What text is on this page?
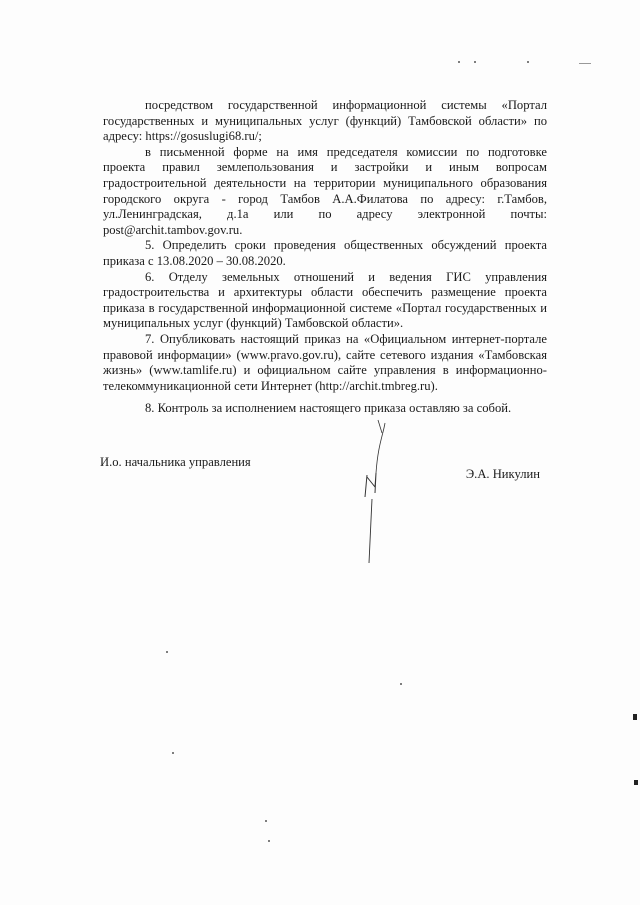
посредством государственной информационной системы «Портал государственных и муниципальных услуг (функций) Тамбовской области» по адресу: https://gosuslugi68.ru/;

в письменной форме на имя председателя комиссии по подготовке проекта правил землепользования и застройки и иным вопросам градостроительной деятельности на территории муниципального образования городского округа - город Тамбов А.А.Филатова по адресу: г.Тамбов, ул.Ленинградская, д.1а или по адресу электронной почты: post@archit.tambov.gov.ru.

5. Определить сроки проведения общественных обсуждений проекта приказа с 13.08.2020 – 30.08.2020.

6. Отделу земельных отношений и ведения ГИС управления градостроительства и архитектуры области обеспечить размещение проекта приказа в государственной информационной системе «Портал государственных и муниципальных услуг (функций) Тамбовской области».

7. Опубликовать настоящий приказ на «Официальном интернет-портале правовой информации» (www.pravo.gov.ru), сайте сетевого издания «Тамбовская жизнь» (www.tamlife.ru) и официальном сайте управления в информационно-телекоммуникационной сети Интернет (http://archit.tmbreg.ru).

8. Контроль за исполнением настоящего приказа оставляю за собой.

И.о. начальника управления
Э.А. Никулин
